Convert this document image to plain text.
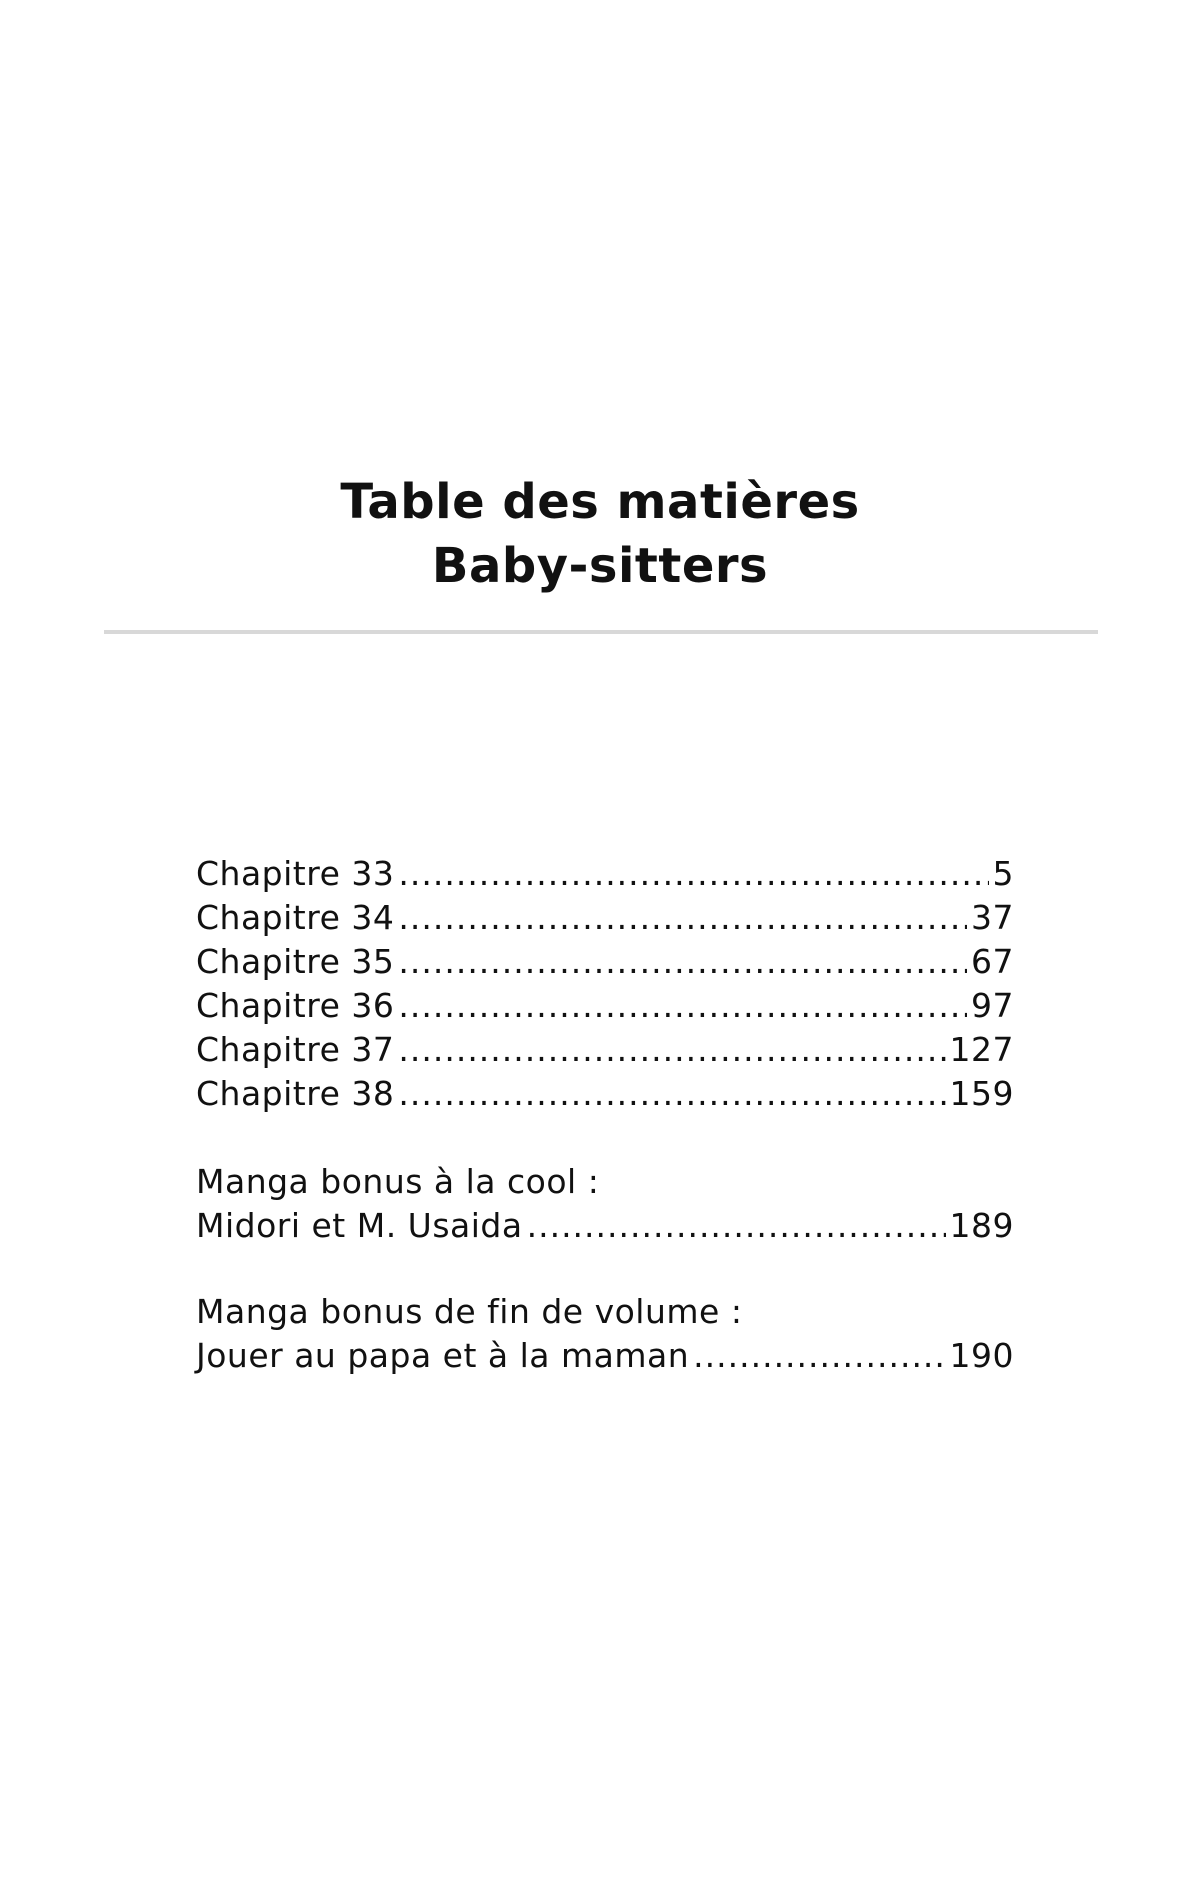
Table des matières
Baby-sitters
Chapitre 33 .....	5
Chapitre 34 .....	37
Chapitre 35 .....	67
Chapitre 36 .....	97
Chapitre 37 .....	127
Chapitre 38 .....	159
Manga bonus à la cool :
Midori et M. Usaida .....	189
Manga bonus de fin de volume :
Jouer au papa et à la maman .....	190
